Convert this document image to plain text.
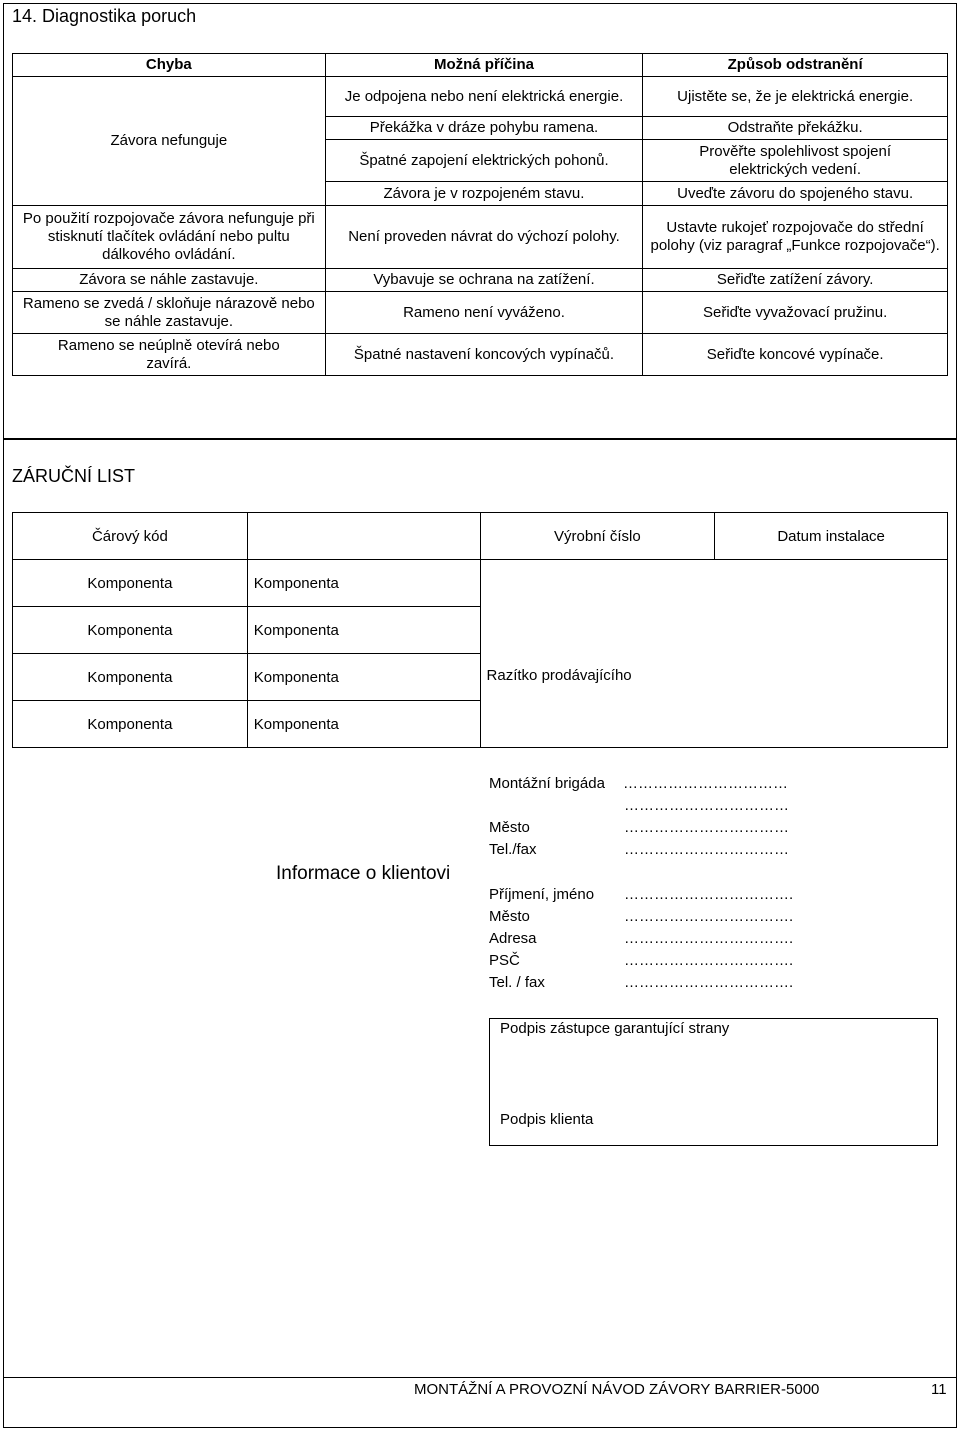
14. Diagnostika poruch
Chyba	Možná příčina	Způsob odstranění
Závora nefunguje	Je odpojena nebo není elektrická energie.	Ujistěte se, že je elektrická energie.
	Překážka v dráze pohybu ramena.	Odstraňte překážku.
	Špatné zapojení elektrických pohonů.	Prověřte spolehlivost spojení elektrických vedení.
	Závora je v rozpojeném stavu.	Uveďte závoru do spojeného stavu.
Po použití rozpojovače závora nefunguje při stisknutí tlačítek ovládání nebo pultu dálkového ovládání.	Není proveden návrat do výchozí polohy.	Ustavte rukojeť rozpojovače do střední polohy (viz paragraf „Funkce rozpojovače“).
Závora se náhle zastavuje.	Vybavuje se ochrana na zatížení.	Seřiďte zatížení závory.
Rameno se zvedá / skloňuje nárazově nebo se náhle zastavuje.	Rameno není vyváženo.	Seřiďte vyvažovací pružinu.
Rameno se neúplně otevírá nebo zavírá.	Špatné nastavení koncových vypínačů.	Seřiďte koncové vypínače.
ZÁRUČNÍ LIST
Čárový kód		Výrobní číslo	Datum instalace
Komponenta	Komponenta	Razítko prodávajícího	
Komponenta	Komponenta		
Komponenta	Komponenta		
Komponenta	Komponenta		
Informace o klientovi
Montážní brigáda ……………………………
……………………………
Město	……………………………
Tel./fax	……………………………
Příjmení, jméno …………………………….
Město	…………………………….
Adresa	…………………………….
PSČ	…………………………….
Tel. / fax	…………………………….
Podpis zástupce garantující strany
Podpis klienta
MONTÁŽNÍ A PROVOZNÍ NÁVOD ZÁVORY BARRIER-5000	11
